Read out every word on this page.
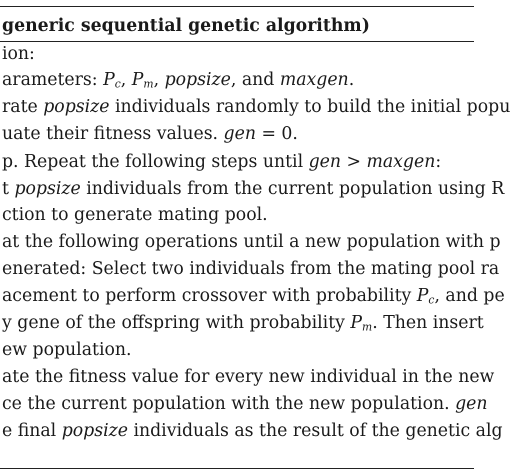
generic sequential genetic algorithm)
ion:
arameters: $P_c$, $P_m$, popsize, and maxgen.
rate popsize individuals randomly to build the initial popu
uate their fitness values. gen = 0.
p. Repeat the following steps until gen > maxgen:
t popsize individuals from the current population using R
ction to generate mating pool.
at the following operations until a new population with p
enerated: Select two individuals from the mating pool ra
acement to perform crossover with probability $P_c$, and pe
y gene of the offspring with probability $P_m$. Then insert
ew population.
ate the fitness value for every new individual in the new
ce the current population with the new population. gen
e final popsize individuals as the result of the genetic alg
